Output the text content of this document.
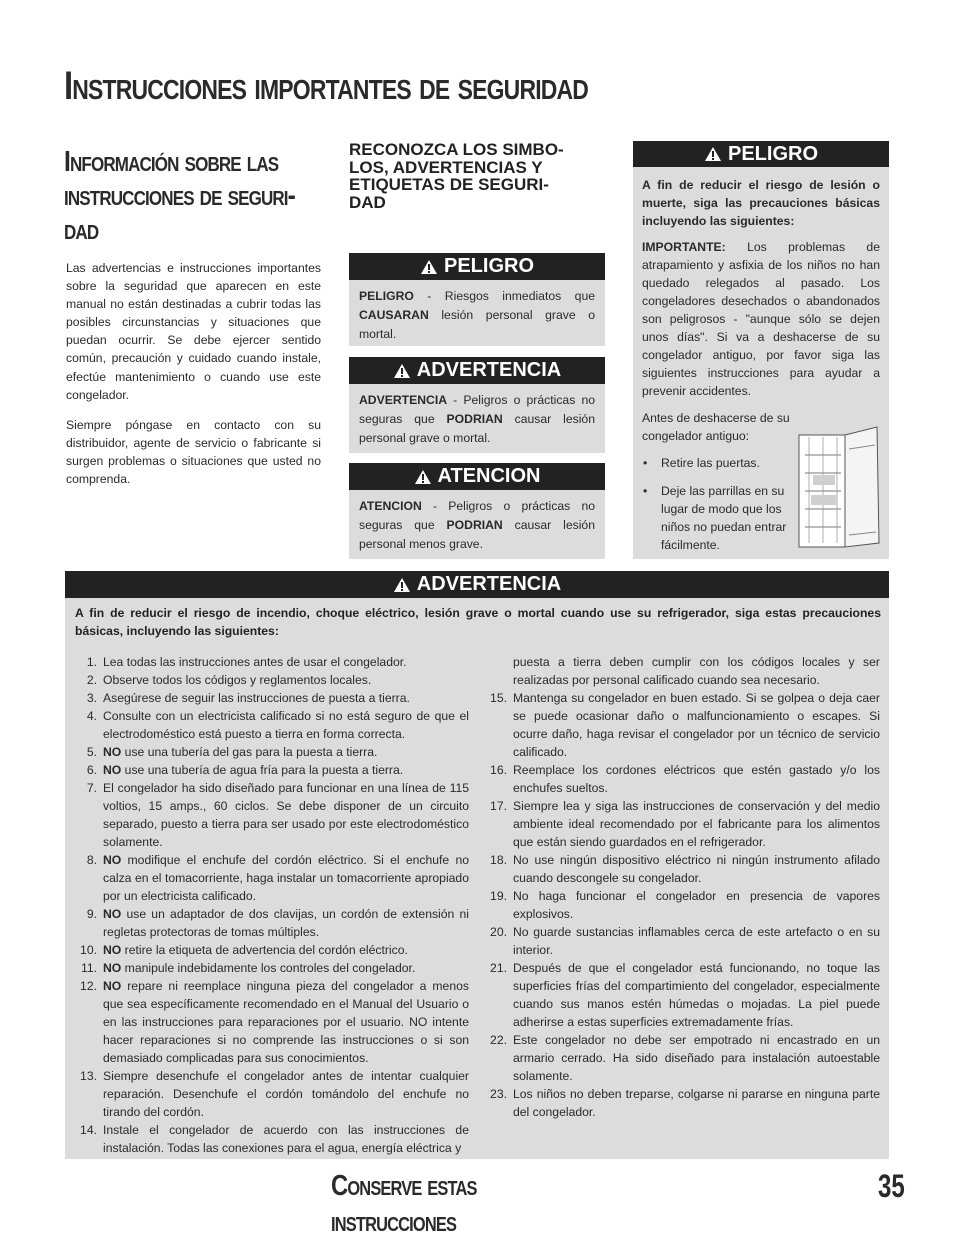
Instrucciones importantes de seguridad
Información sobre las
instrucciones de seguri-
dad

Las advertencias e instrucciones importantes sobre la seguridad que aparecen en este manual no están destinadas a cubrir todas las posibles circunstancias y situaciones que puedan ocurrir. Se debe ejercer sentido común, precaución y cuidado cuando instale, efectúe mantenimiento o cuando use este congelador.

Siempre póngase en contacto con su distribuidor, agente de servicio o fabricante si surgen problemas o situaciones que usted no comprenda.

RECONOZCA LOS SIMBO-
LOS, ADVERTENCIAS Y
ETIQUETAS DE SEGURI-
DAD
PELIGRO
PELIGRO - Riesgos inmediatos que CAUSARAN lesión personal grave o mortal.
ADVERTENCIA
ADVERTENCIA - Peligros o prácticas no seguras que PODRIAN causar lesión personal grave o mortal.
ATENCION
ATENCION - Peligros o prácticas no seguras que PODRIAN causar lesión personal menos grave.
PELIGRO

A fin de reducir el riesgo de lesión o muerte, siga las precauciones básicas incluyendo las siguientes:

IMPORTANTE: Los problemas de atrapamiento y asfixia de los niños no han quedado relegados al pasado. Los congeladores desechados o abandonados son peligrosos - "aunque sólo se dejen unos días". Si va a deshacerse de su congelador antiguo, por favor siga las siguientes instrucciones para ayudar a prevenir accidentes.

Antes de deshacerse de su congelador antiguo:

•	Retire las puertas.

•	Deje las parrillas en su lugar de modo que los niños no puedan entrar fácilmente.

ADVERTENCIA

A fin de reducir el riesgo de incendio, choque eléctrico, lesión grave o mortal cuando use su refrigerador, siga estas precauciones básicas, incluyendo las siguientes:

1. Lea todas las instrucciones antes de usar el congelador.
2. Observe todos los códigos y reglamentos locales.
3. Asegúrese de seguir las instrucciones de puesta a tierra.
4. Consulte con un electricista calificado si no está seguro de que el electrodoméstico está puesto a tierra en forma correcta.
5. NO use una tubería del gas para la puesta a tierra.
6. NO use una tubería de agua fría para la puesta a tierra.
7. El congelador ha sido diseñado para funcionar en una línea de 115 voltios, 15 amps., 60 ciclos. Se debe disponer de un circuito separado, puesto a tierra para ser usado por este electrodoméstico solamente.
8. NO modifique el enchufe del cordón eléctrico. Si el enchufe no calza en el tomacorriente, haga instalar un tomacorriente apropiado por un electricista calificado.
9. NO use un adaptador de dos clavijas, un cordón de extensión ni regletas protectoras de tomas múltiples.
10. NO retire la etiqueta de advertencia del cordón eléctrico.
11. NO manipule indebidamente los controles del congelador.
12. NO repare ni reemplace ninguna pieza del congelador a menos que sea específicamente recomendado en el Manual del Usuario o en las instrucciones para reparaciones por el usuario. NO intente hacer reparaciones si no comprende las instrucciones o si son demasiado complicadas para sus conocimientos.
13. Siempre desenchufe el congelador antes de intentar cualquier reparación. Desenchufe el cordón tomándolo del enchufe no tirando del cordón.
14. Instale el congelador de acuerdo con las instrucciones de instalación. Todas las conexiones para el agua, energía eléctrica y
puesta a tierra deben cumplir con los códigos locales y ser realizadas por personal calificado cuando sea necesario.
15. Mantenga su congelador en buen estado. Si se golpea o deja caer se puede ocasionar daño o malfuncionamiento o escapes. Si ocurre daño, haga revisar el congelador por un técnico de servicio calificado.
16. Reemplace los cordones eléctricos que estén gastado y/o los enchufes sueltos.
17. Siempre lea y siga las instrucciones de conservación y del medio ambiente ideal recomendado por el fabricante para los alimentos que están siendo guardados en el refrigerador.
18. No use ningún dispositivo eléctrico ni ningún instrumento afilado cuando descongele su congelador.
19. No haga funcionar el congelador en presencia de vapores explosivos.
20. No guarde sustancias inflamables cerca de este artefacto o en su interior.
21. Después de que el congelador está funcionando, no toque las superficies frías del compartimiento del congelador, especialmente cuando sus manos estén húmedas o mojadas. La piel puede adherirse a estas superficies extremadamente frías.
22. Este congelador no debe ser empotrado ni encastrado en un armario cerrado. Ha sido diseñado para instalación autoestable solamente.
23. Los niños no deben treparse, colgarse ni pararse en ninguna parte del congelador.
Conserve estas instrucciones
35
